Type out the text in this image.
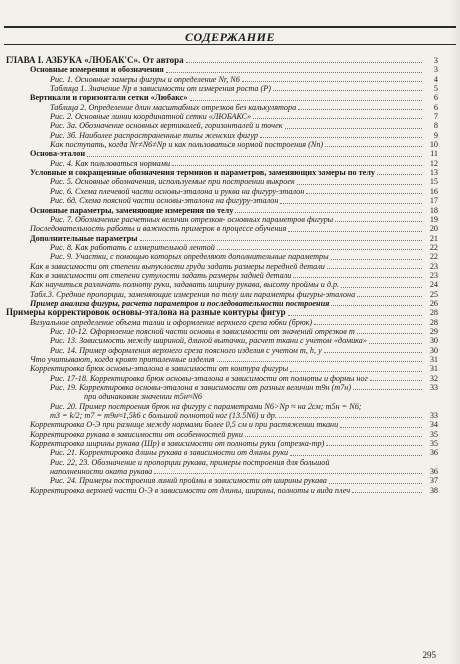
СОДЕРЖАНИЕ
ГЛАВА I. АЗБУКА «ЛЮБАК'С». От автора	3
Основные измерения и обозначения	3
Рис. 1. Основные замеры фигуры и определение Nr, N6	4
Таблица 1. Значение Np в зависимости от измерения роста (Р)	5
Вертикали и горизонтали сетки «Любакс»	6
Таблица 2. Определение длин масштабных отрезков без калькулятора	6
Рис. 2. Основные линии координатной сетки «ЛЮБАКС»	7
Рис. 3а. Обозначение основных вертикалей, горизонталей и точек	8
Рис. 3б. Наиболее распространенные типы женских фигур	9
Как поступать, когда Nr≠N6≠Np и как пользоваться нормой построения (Nn)	10
Основа-эталон	11
Рис. 4. Как пользоваться нормами	12
Условные и сокращенные обозначения терминов и параметров, заменяющих замеры по телу	13
Рис. 5. Основные обозначения, используемые при построении выкроек	15
Рис. 6. Схема плечевой части основы-эталона и руква на фигуру-эталон	16
Рис. 6д. Схема поясной части основы-эталона на фигуру-эталон	17
Основные параметры, заменяющие измерения по телу	18
Рис. 7. Обозначение расчетных величин отрезков- основных параметров фигуры	19
Последовательность работы и важность примерок в процессе обучения	20
Дополнительные параметры	21
Рис. 8. Как работать с измерительной лентой	22
Рис. 9. Участки, с помощью которых определяют дополнительные параметры	22
Как в зависимости от степени выпуклости груди задать размеры передней детали	23
Как в зависимости от степени сутулости задать размеры задней детали	23
Как научиться различать полноту руки, задавать ширину рукава, высоту проймы и д.р.	24
Табл.3. Средние пропорции, заменяющие измерения по телу или параметры фигуры-эталона	25
Пример анализа фигуры, расчета параметров и последовательности построения	26
Примеры корректировок основы-эталона на разные контуры фигур	28
Визуальное определение объема талии и оформление верхнего среза юбки (брюк)	28
Рис. 10-12. Оформление поясной части основы в зависимости от значений отрезков m	29
Рис. 13. Зависимость между шириной, длиной вытачки, расчет ткани с учетом «домика»	30
Рис. 14. Пример оформления верхнего среза поясного изделия с учетом m, h, y	30
Что учитывают, когда кроят приталенные изделия	31
Корректировка брюк основы-эталона в зависимости от контура фигуры	31
Рис. 17-18. Корректировка брюк основы-эталона в зависимости от полноты и формы ног	32
Рис. 19. Корректировка основы-эталона в зависимости от разных величин m9н (m7н)	33
при одинаковом значении m5н≈N6
Рис. 20. Пример построения брюк на фигуру с параметрами N6>Np ≈ на 2см; m5н = N6;
m3 = k/2; m7 = m9н≈1,5k6 с большой полнотой ног (13.5N6) и др.	33
Корректировка О-Э при разнице между нормами более 0,5 см и при растяжении ткани	34
Корректировка рукава в зависимости от особенностей руки	35
Корректировка ширины рукава (Шр) в зависимости от полноты руки (отрезка-тр)	35
Рис. 21. Корректировка длины рукава в зависимости от длины руки	36
Рис. 22, 23. Обозначение и пропорции рукава, примеры построения для большой
наполненности оката рукава	36
Рис. 24. Примеры построения линий проймы в зависимости от ширины рукава	37
Корректировка верхней части О-Э в зависимости от длины, ширины, полноты и вида плеч	38
295
